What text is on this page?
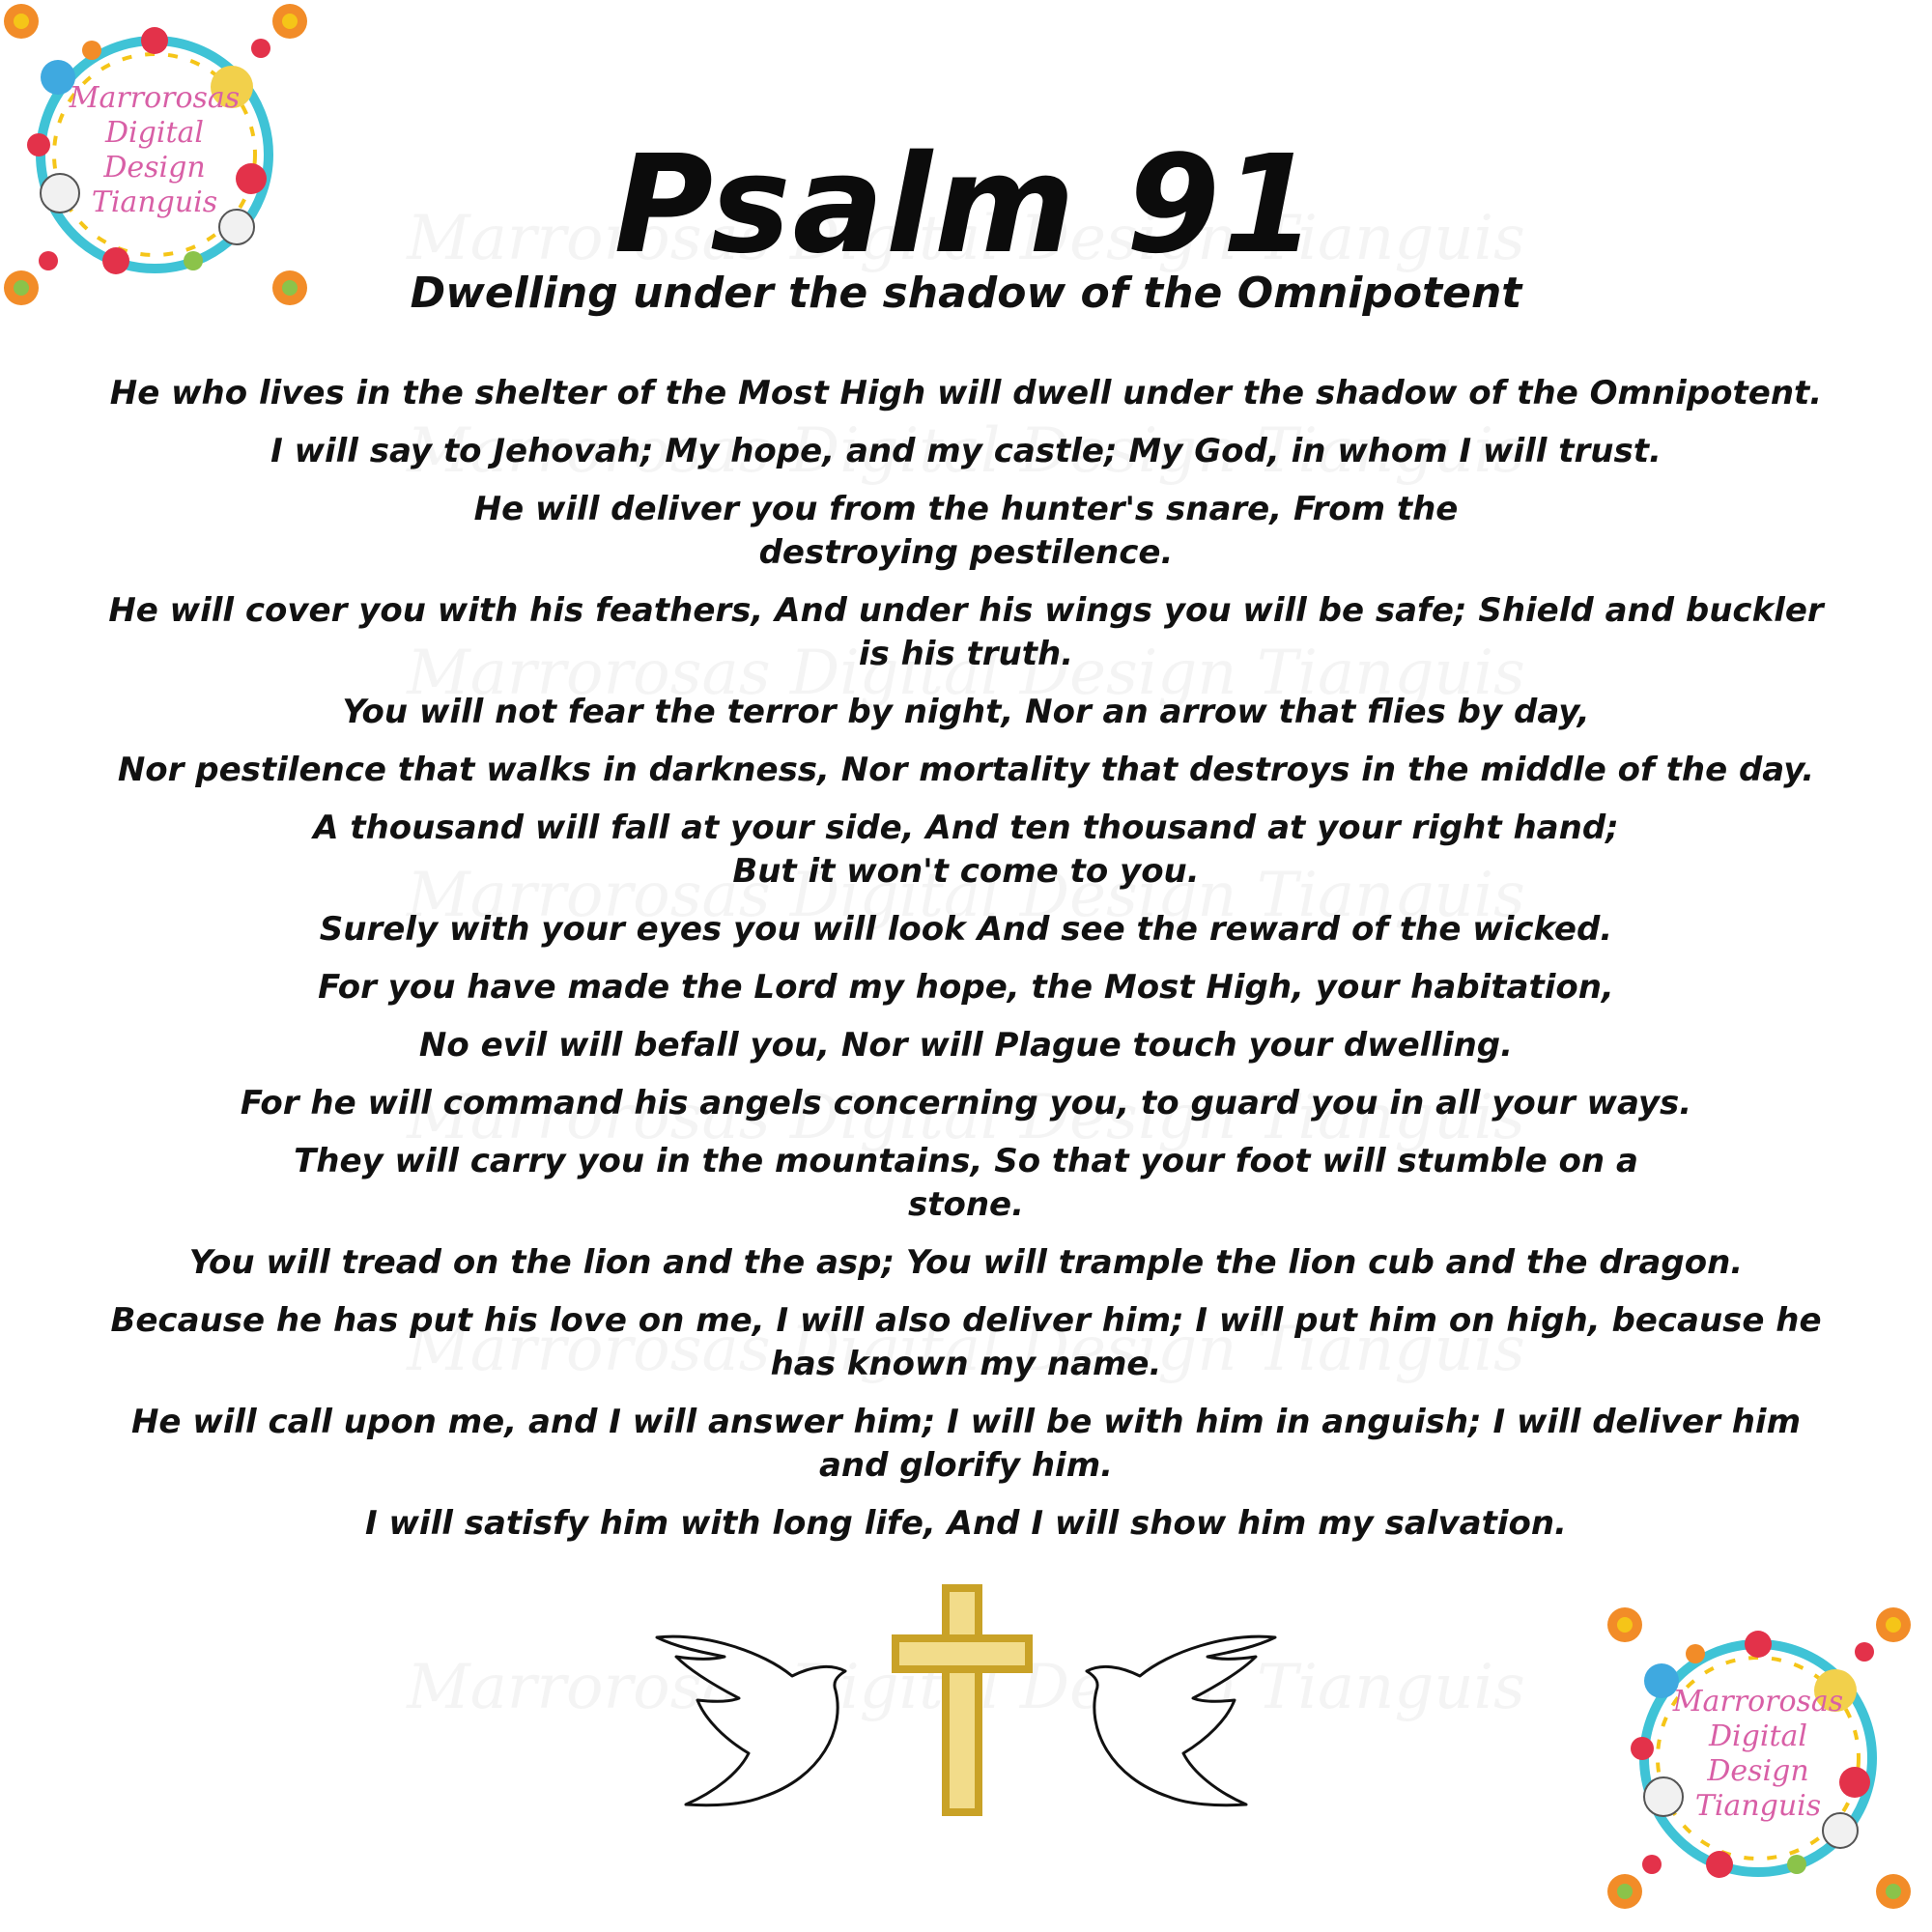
Marrorosas
Digital
Design
Tianguis	Psalm 91
Dwelling under the shadow of the Omnipotent
He who lives in the shelter of the Most High will dwell under the shadow of the Omnipotent.
I will say to Jehovah; My hope, and my castle; My God, in whom I will trust.
He will deliver you from the hunter's snare, From the destroying pestilence.
He will cover you with his feathers, And under his wings you will be safe; Shield and buckler is his truth.
You will not fear the terror by night, Nor an arrow that flies by day,
Nor pestilence that walks in darkness, Nor mortality that destroys in the middle of the day.
A thousand will fall at your side, And ten thousand at your right hand; But it won't come to you.
Surely with your eyes you will look And see the reward of the wicked.
For you have made the Lord my hope, the Most High, your habitation,
No evil will befall you, Nor will Plague touch your dwelling.
For he will command his angels concerning you, to guard you in all your ways.
They will carry you in the mountains, So that your foot will stumble on a stone.
You will tread on the lion and the asp; You will trample the lion cub and the dragon.
Because he has put his love on me, I will also deliver him; I will put him on high, because he has known my name.
He will call upon me, and I will answer him; I will be with him in anguish; I will deliver him and glorify him.
I will satisfy him with long life, And I will show him my salvation.
Marrorosas
Digital
Design
Tianguis
